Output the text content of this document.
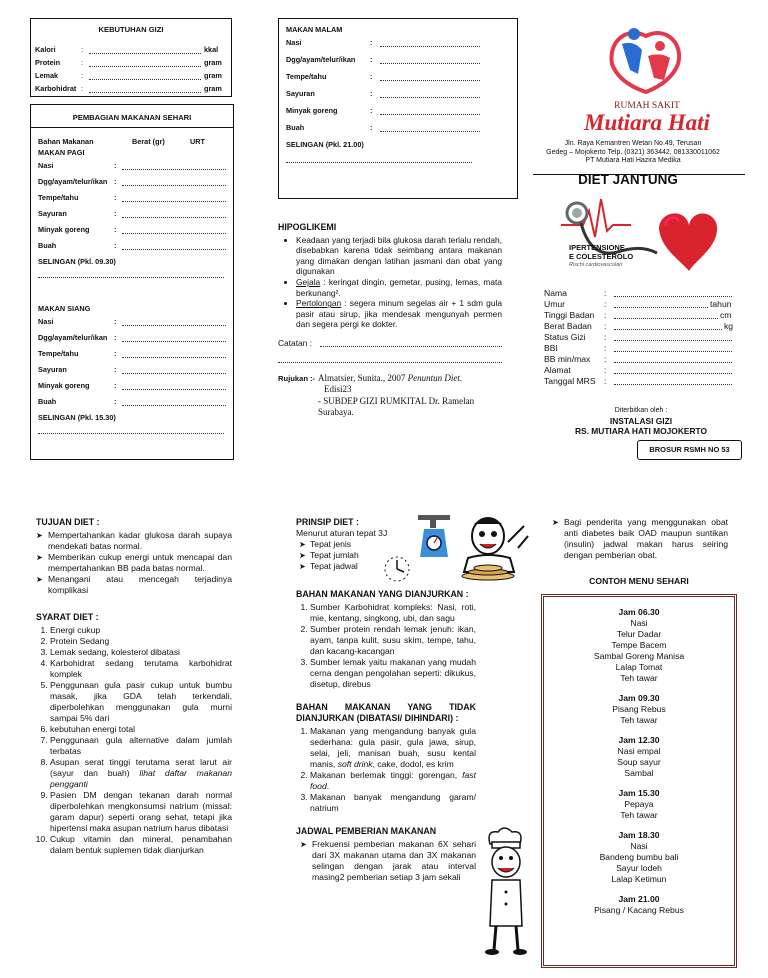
KEBUTUHAN GIZI
Kalori	:	kkal
Protein	:	gram
Lemak	:	gram
Karbohidrat :	gram
PEMBAGIAN MAKANAN SEHARI
Bahan Makanan	Berat (gr)	URT
MAKAN PAGI
Nasi	:
Dgg/ayam/telur/ikan :
Tempe/tahu	:
Sayuran	:
Minyak goreng	:
Buah	:
SELINGAN (Pkl. 09.30)
MAKAN SIANG
Nasi	:
Dgg/ayam/telur/ikan :
Tempe/tahu	:
Sayuran	:
Minyak goreng	:
Buah	:
SELINGAN (Pkl. 15.30)
MAKAN MALAM
Nasi	:
Dgg/ayam/telur/ikan :
Tempe/tahu	:
Sayuran	:
Minyak goreng	:
Buah	:
SELINGAN (Pkl. 21.00)
HIPOGLIKEMI
• Keadaan yang terjadi bila glukosa darah terlalu rendah, disebabkan karena tidak seimbang antara makanan yang dimakan dengan latihan jasmani dan obat yang digunakan
• Gejala : keringat dingin, gemetar, pusing, lemas, mata berkunang².
• Pertolongan : segera minum segelas air + 1 sdm gula pasir atau sirup, jika mendesak mengunyah permen dan segera pergi ke dokter.
Catatan :
Rujukan :- Almatsier, Sunita., 2007 Penuntun Diet.
Edisi23
- SUBDEP GIZI RUMKITAL Dr. Ramelan Surabaya.
RUMAH SAKIT
Mutiara Hati
Jln. Raya Kemantren Wetan No.49, Terusan
Gedeg – Mojokerto Telp. (0321) 363442, 081330011062
PT Mutiara Hati Hazira Medika
DIET JANTUNG
IPERTENSIONE
E COLESTEROLO
Rischi cardiovascolari
Nama	:
Umur	:	tahun
Tinggi Badan :	cm
Berat Badan :	kg
Status Gizi :
BBI	:
BB min/max :
Alamat	:
Tanggal MRS :
Diterbitkan oleh :
INSTALASI GIZI
RS. MUTIARA HATI MOJOKERTO
BROSUR RSMH NO 53
TUJUAN DIET :
➤ Mempertahankan kadar glukosa darah supaya mendekati batas normal.
➤ Memberikan cukup energi untuk mencapai dan mempertahankan BB pada batas normal.
➤ Menangani atau mencegah terjadinya komplikasi
SYARAT DIET :
1. Energi cukup
2. Protein Sedang
3. Lemak sedang, kolesterol dibatasi
4. Karbohidrat sedang terutama karbohidrat komplek
5. Penggunaan gula pasir cukup untuk bumbu masak, jika GDA telah terkendali, diperbolehkan menggunakan gula murni sampai 5% dari
6. kebutuhan energi total
7. Penggunaan gula alternative dalam jumlah terbatas
8. Asupan serat tinggi terutama serat larut air (sayur dan buah) lihat daftar makanan pengganti
9. Pasien DM dengan tekanan darah normal diperbolehkan mengkonsumsi natrium (missal: garam dapur) seperti orang sehat, tetapi jika hipertensi maka asupan natrium harus dibatasi
10. Cukup vitamin dan mineral, penambahan dalam bentuk suplemen tidak dianjurkan
PRINSIP DIET :
Menurut aturan tepat 3J
➤ Tepat jenis
➤ Tepat jumlah
➤ Tepat jadwal
BAHAN MAKANAN YANG DIANJURKAN :
1. Sumber Karbohidrat kompleks: Nasi, roti, mie, kentang, singkong, ubi, dan sagu
2. Sumber protein rendah lemak jenuh: ikan, ayam, tanpa kulit, susu skim, tempe, tahu, dan kacang-kacangan
3. Sumber lemak yaitu makanan yang mudah cerna dengan pengolahan seperti: dikukus, disetup, direbus
BAHAN MAKANAN YANG TIDAK DIANJURKAN (DIBATASI/ DIHINDARI) :
1. Makanan yang mengandung banyak gula sederhana: gula pasir, gula jawa, sirup, selai, jeli, manisan buah, susu kental manis, soft drink, cake, dodol, es krim
2. Makanan berlemak tinggi: gorengan, fast food.
3. Makanan banyak mengandung garam/ natrium
JADWAL PEMBERIAN MAKANAN
➤ Frekuensi pemberian makanan 6X sehari dari 3X makanan utama dan 3X makanan selingan dengan jarak atau interval masing2 pemberian setiap 3 jam sekali
➤ Bagi penderita yang menggunakan obat anti diabetes baik OAD maupun suntikan (insulin) jadwal makan harus seiring dengan pemberian obat.
CONTOH MENU SEHARI
Jam 06.30
Nasi
Telur Dadar
Tempe Bacem
Sambal Goreng Manisa
Lalap Tomat
Teh tawar
Jam 09.30
Pisang Rebus
Teh tawar
Jam 12.30
Nasi empal
Soup sayur
Sambal
Jam 15.30
Pepaya
Teh tawar
Jam 18.30
Nasi
Bandeng bumbu bali
Sayur lodeh
Lalap Ketimun
Jam 21.00
Pisang / Kacang Rebus
